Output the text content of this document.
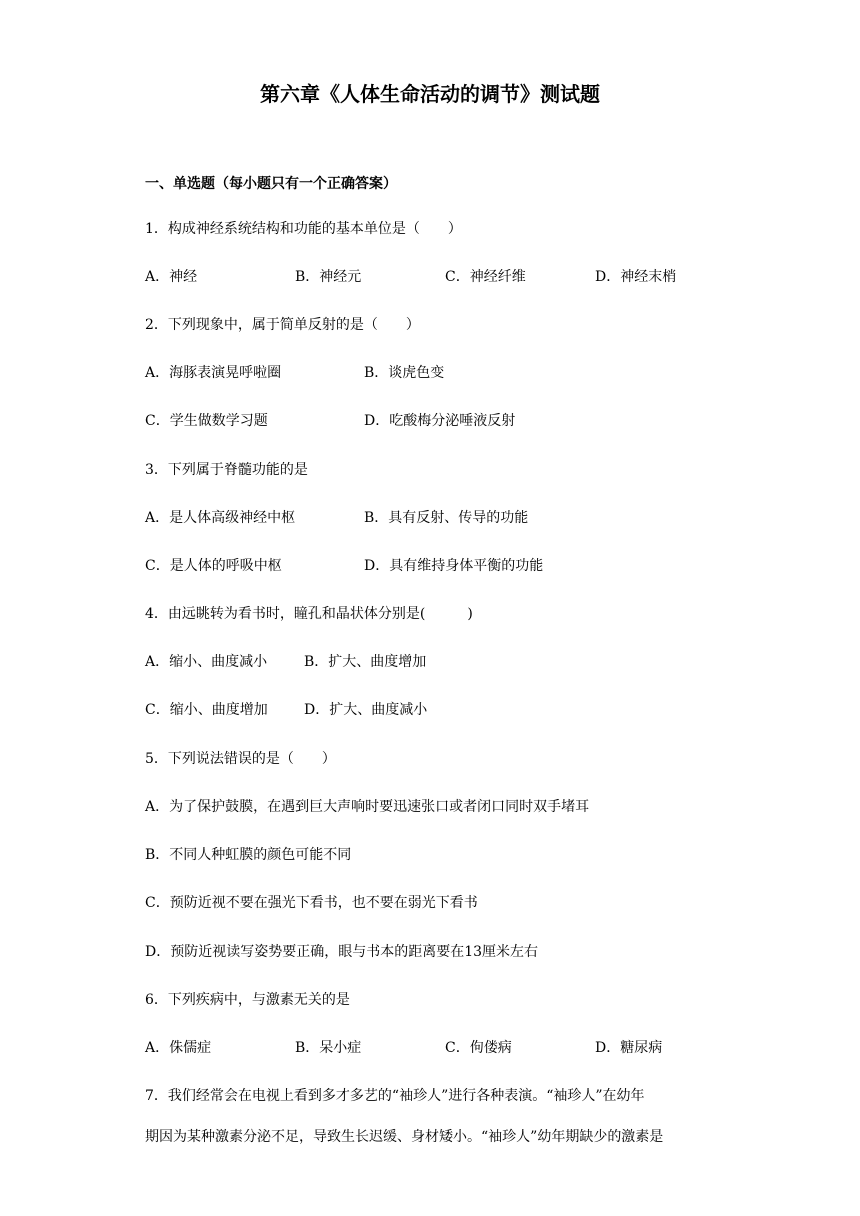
第六章《人体生命活动的调节》测试题
一、单选题（每小题只有一个正确答案）
1．构成神经系统结构和功能的基本单位是（　　）
A．神经	B．神经元	C．神经纤维	D．神经末梢
2．下列现象中，属于简单反射的是（　　）
A．海豚表演晃呼啦圈	B．谈虎色变
C．学生做数学习题	D．吃酸梅分泌唾液反射
3．下列属于脊髓功能的是
A．是人体高级神经中枢	B．具有反射、传导的功能
C．是人体的呼吸中枢	D．具有维持身体平衡的功能
4．由远眺转为看书时，瞳孔和晶状体分别是(　　　)
A．缩小、曲度减小	B．扩大、曲度增加
C．缩小、曲度增加	D．扩大、曲度减小
5．下列说法错误的是（　　）
A．为了保护鼓膜，在遇到巨大声响时要迅速张口或者闭口同时双手堵耳
B．不同人种虹膜的颜色可能不同
C．预防近视不要在强光下看书，也不要在弱光下看书
D．预防近视读写姿势要正确，眼与书本的距离要在13厘米左右
6．下列疾病中，与激素无关的是
A．侏儒症	B．呆小症	C．佝偻病	D．糖尿病
7．我们经常会在电视上看到多才多艺的“袖珍人”进行各种表演。“袖珍人”在幼年
期因为某种激素分泌不足，导致生长迟缓、身材矮小。“袖珍人”幼年期缺少的激素是
